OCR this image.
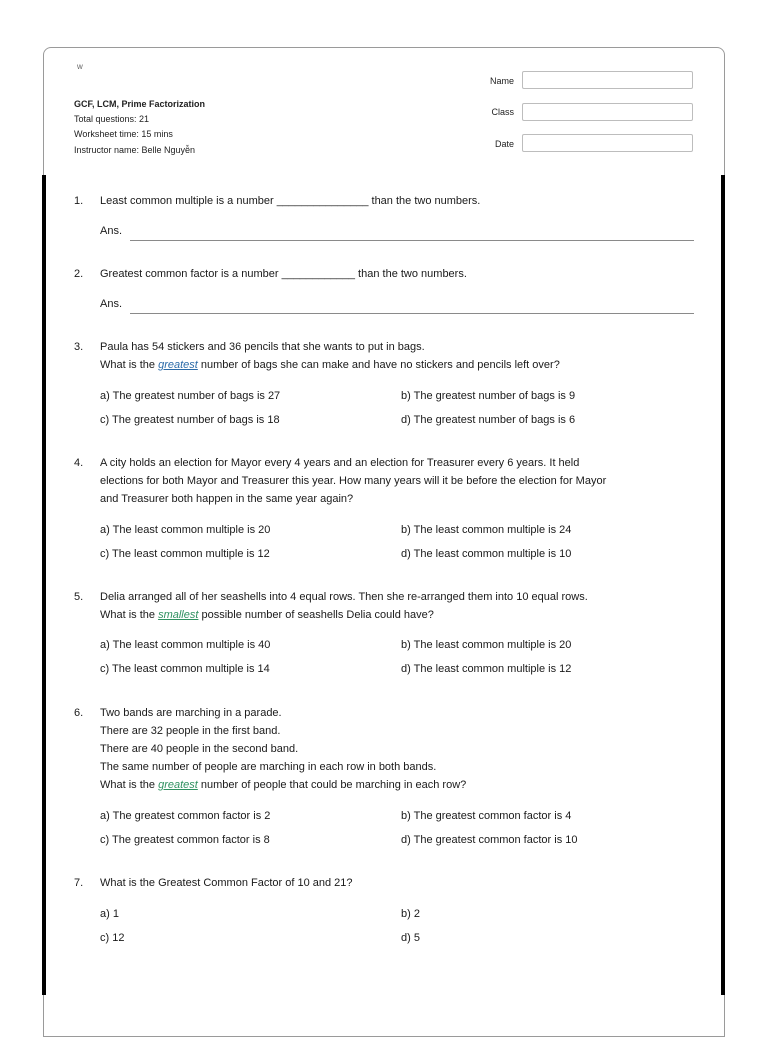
w
GCF, LCM, Prime Factorization
Total questions: 21
Worksheet time: 15 mins
Instructor name: Belle Nguyễn
Name
Class
Date
1. Least common multiple is a number _______________ than the two numbers.
Ans.
2. Greatest common factor is a number ____________ than the two numbers.
Ans.
3. Paula has 54 stickers and 36 pencils that she wants to put in bags.
What is the greatest number of bags she can make and have no stickers and pencils left over?
a) The greatest number of bags is 27	b) The greatest number of bags is 9
c) The greatest number of bags is 18	d) The greatest number of bags is 6
4. A city holds an election for Mayor every 4 years and an election for Treasurer every 6 years. It held
elections for both Mayor and Treasurer this year. How many years will it be before the election for Mayor
and Treasurer both happen in the same year again?
a) The least common multiple is 20	b) The least common multiple is 24
c) The least common multiple is 12	d) The least common multiple is 10
5. Delia arranged all of her seashells into 4 equal rows. Then she re-arranged them into 10 equal rows.
What is the smallest possible number of seashells Delia could have?
a) The least common multiple is 40	b) The least common multiple is 20
c) The least common multiple is 14	d) The least common multiple is 12
6. Two bands are marching in a parade.
There are 32 people in the first band.
There are 40 people in the second band.
The same number of people are marching in each row in both bands.
What is the greatest number of people that could be marching in each row?
a) The greatest common factor is 2	b) The greatest common factor is 4
c) The greatest common factor is 8	d) The greatest common factor is 10
7. What is the Greatest Common Factor of 10 and 21?
a) 1	b) 2
c) 12	d) 5
